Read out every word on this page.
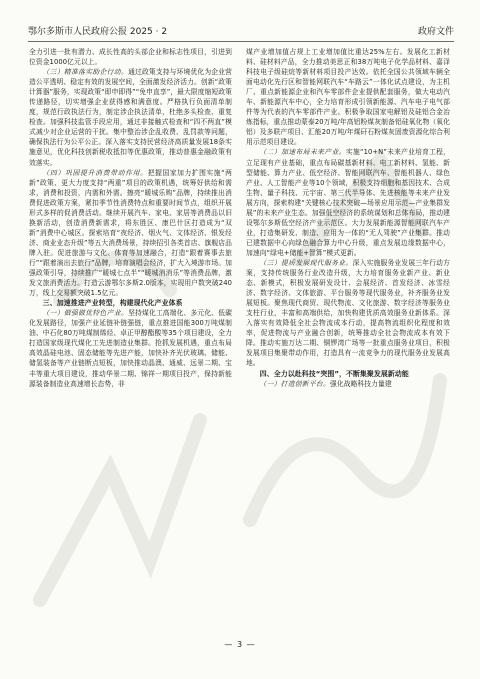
鄂尔多斯市人民政府公报 2025 · 2	政府文件

全力引进一批有潜力、成长性高的头部企业和标志性项目，引进到位资金1000亿元以上。

（三）精准落实助企行动。通过政策支持与环境优化为企业营造公平透明、稳定有效的发展空间，全面激发经济活力。创新“政策计算器”服务，实现政策“即申即得”“免申直享”，最大限度缩短政策传递路径，切实增强企业获得感和满意度。严格执行负面清单制度，规范行政执法行为，制定涉企执法清单，杜绝多头检查、重复检查。加强科技监管手段应用，通过非接触式检查和“四不两直”模式减少对企业运营的干扰。集中整治涉企乱收费、乱罚款等问题，确保执法行为公平公正。深入落实支持民营经济高质量发展18条实施意见，优化科技创新税收抵扣等优惠政策，推动普惠金融政策有效落实。

（四）巩固提升消费带动作用。把握国家加力扩围实施“两新”政策、更大力度支持“两重”项目的政策机遇，统筹好供给和需求，消费和投资，内需和外需。擦亮“暖城乐购”品牌，持续推出消费促进政策方案，紧扣季节性消费特点和重要时间节点，组织开展形式多样的促消费活动。继续开展汽车、家电、家居等消费品以旧换新活动，创造消费新需求，将东胜区、康巴什区打造成为“双新”消费中心城区。探索培育“夜经济、烟火气、文体经济、银发经济、商业业态升级”等五大消费场景，持续招引各类首店、旗舰店品牌入驻。促进旅游与文化、体育等加速融合，打造“跟着赛事去旅行”“跟着演出去旅行”品牌，培育演唱会经济，扩大入境游市场。加强政策引导，持续推广“暖城七点半”“暖城消消乐”等消费品牌，激发文旅消费活力。打造云游鄂尔多斯2.0版本，实现用户数突破240万，线上交易额突破1.5亿元。

三、加速推进产业转型，构建现代化产业体系

（一）做强做优特色产业。坚持煤化工高端化、多元化、低碳化发展路径，加强产业延链补链强链，重点推进国能300万吨煤制油、中石化80万吨煤制烯烃、卓正甲醇酯酸等35个项目建设，全力打造国家级现代煤化工先进制造业集群。抢抓发展机遇，重点布局高效晶硅电池、固态储能等先进产能，加快补齐光伏玻璃、储能、储氢装备等产业链断点短板，加快推动晶澳、通威、远景二期、宝丰等重大项目建设，推动华景二期、锦祥一期项目投产，保持新能源装备制造业高速增长态势，非

煤产业增加值占规上工业增加值比重达25%左右。发展化工新材料、硅材料产品，全力推动美思正和38万吨电子化学品材料、嘉泽科技电子级硅烷等新材料项目投产达效。依托全国公共领域车辆全面电动化先行区和智能网联汽车“车路云”一体化试点建设，为主机厂、重点新能源企业和汽车零部件企业提供配套服务，做大电动汽车、新能源汽车中心，全力培育形成引领新能源、汽车电子电气部件等为代表的汽车零部件产业。积极争取国家电解铝及硅铝合金冶炼指标，重点推动蒙泰20万吨/年高铝粉煤灰制备铝硅氧化物（氧化铝）及多联产项目、汇能20万吨/年煤矸石粉煤灰固废资源化综合利用示范项目建设。

（二）加速布局未来产业。实施“10+N”未来产业培育工程，立足现有产业基础，重点布局碳基新材料、电工新材料、氢能、新型储能、算力产业、低空经济、智能网联汽车、智能机器人、绿色产业、人工智能产业等10个领域，积极支持细胞和基因技术、合成生物、量子科技、元宇宙、第三代半导体、先进核能等未来产业发展方向，探索构建“关键核心技术突破—场景应用示范—产业集群发展”的未来产业生态。加强低空经济的系统谋划和总体布局，推动建设鄂尔多斯低空经济产业示范区。大力发展新能源智能网联汽车产业，打造集研发、制造、应用为一体的“无人驾驶”产业集群。推动已建数据中心向绿色融合算力中心升级，重点发展边缘数据中心，加速向“绿电+储能+智算”模式更新。

（三）提质发展现代服务业。深入实施服务业发展三年行动方案，支持传统服务行业改造升级，大力培育服务业新产业、新业态、新模式，积极发展研发设计、会展经济、首发经济、冰雪经济、数字经济、文体旅游、平台服务等现代服务业，补齐服务业发展短板。聚焦现代商贸、现代物流、文化旅游、数字经济等服务业支柱行业，丰富和高端供给，加快构建优质高效服务业新体系。深入落实有效降低全社会物流成本行动，提高物流组织化程度和效率，促进物流与产业融合创新，统筹推动全社会物流成本有效下降。推动实施万达二期、铜锣湾广场等一批重点服务业项目，积极发展项目集聚带动作用，打造具有一流竞争力的现代服务业发展高地。

四、全力以赴科技“突围”，不断集聚发展新动能

（一）打造创新平台。强化战略科技力量建

— 3 —
